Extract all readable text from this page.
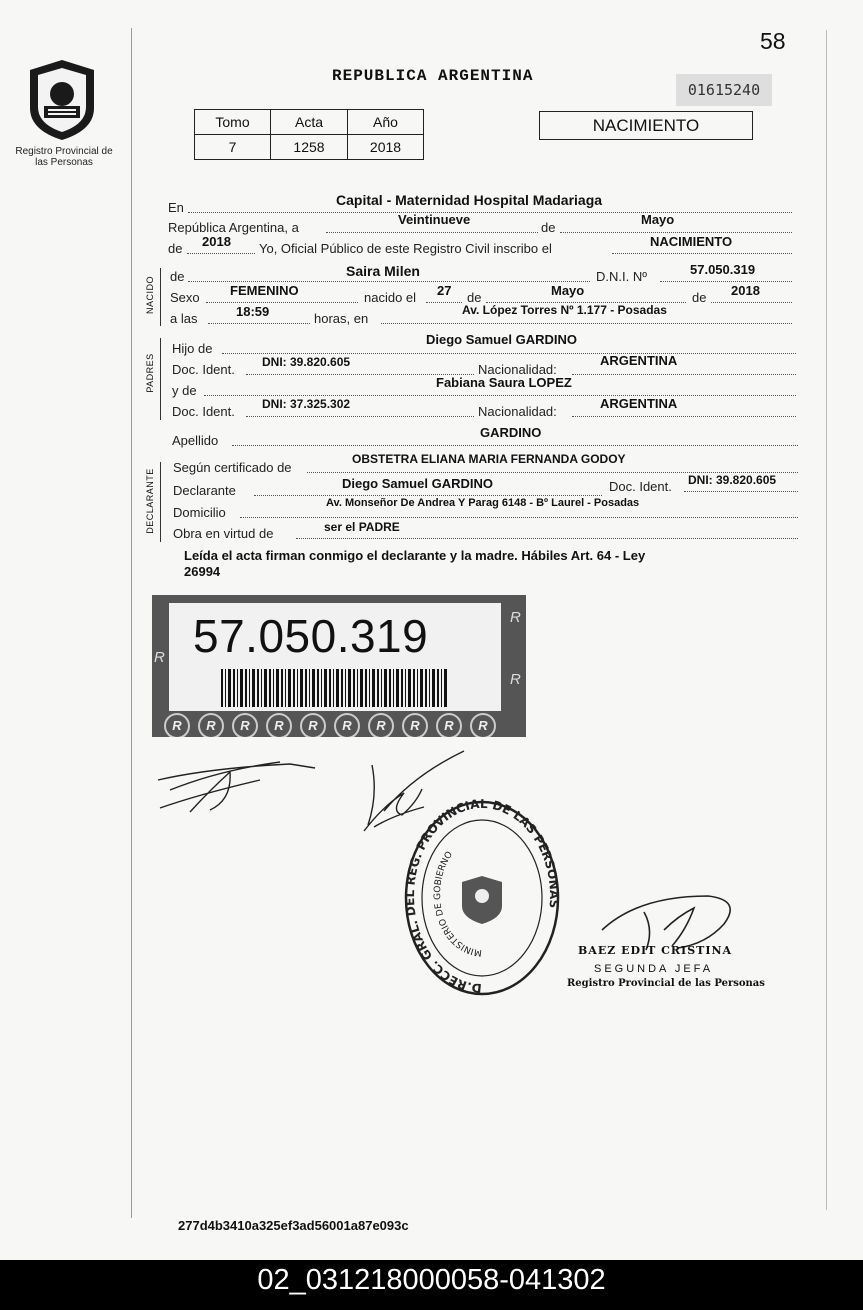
58
Registro Provincial de las Personas
REPUBLICA ARGENTINA
01615240
Tomo	Acta	Año
7	1258	2018
NACIMIENTO
En	Capital - Maternidad Hospital Madariaga
República Argentina, a
Veintinueve
de
Mayo
de 2018 Yo, Oficial Público de este Registro Civil inscribo el	NACIMIENTO
NACIDO de	Saira Milen	D.N.I. Nº	57.050.319
Sexo FEMENINO	nacido el 27 de	Mayo	de 2018
a las	18:59	horas, en
Av. López Torres Nº 1.177 - Posadas
PADRES
Hijo de
Diego Samuel GARDINO
Doc. Ident. DNI: 39.820.605	Nacionalidad:
ARGENTINA
y de
Fabiana Saura LOPEZ
Doc. Ident. DNI: 37.325.302	Nacionalidad:
ARGENTINA
Apellido
GARDINO
DECLARANTE
Según certificado de
OBSTETRA ELIANA MARIA FERNANDA GODOY
Declarante	Diego Samuel GARDINO	Doc. Ident. DNI: 39.820.605
Domicilio
Av. Monseñor De Andrea Y Parag 6148 - Bº Laurel - Posadas
Obra en virtud de	ser el PADRE
Leída el acta firman conmigo el declarante y la madre. Hábiles Art. 64 - Ley
26994
57.050.319
R
R
R
R	R	R	R	R	R	R	R	R	R
D.RECC. GRAL. DEL REG. PROVINCIAL DE LAS PERSONAS
MINISTERIO DE GOBIERNO
BAEZ EDIT CRISTINA
SEGUNDA JEFA
Registro Provincial de las Personas
277d4b3410a325ef3ad56001a87e093c
02_031218000058-041302
